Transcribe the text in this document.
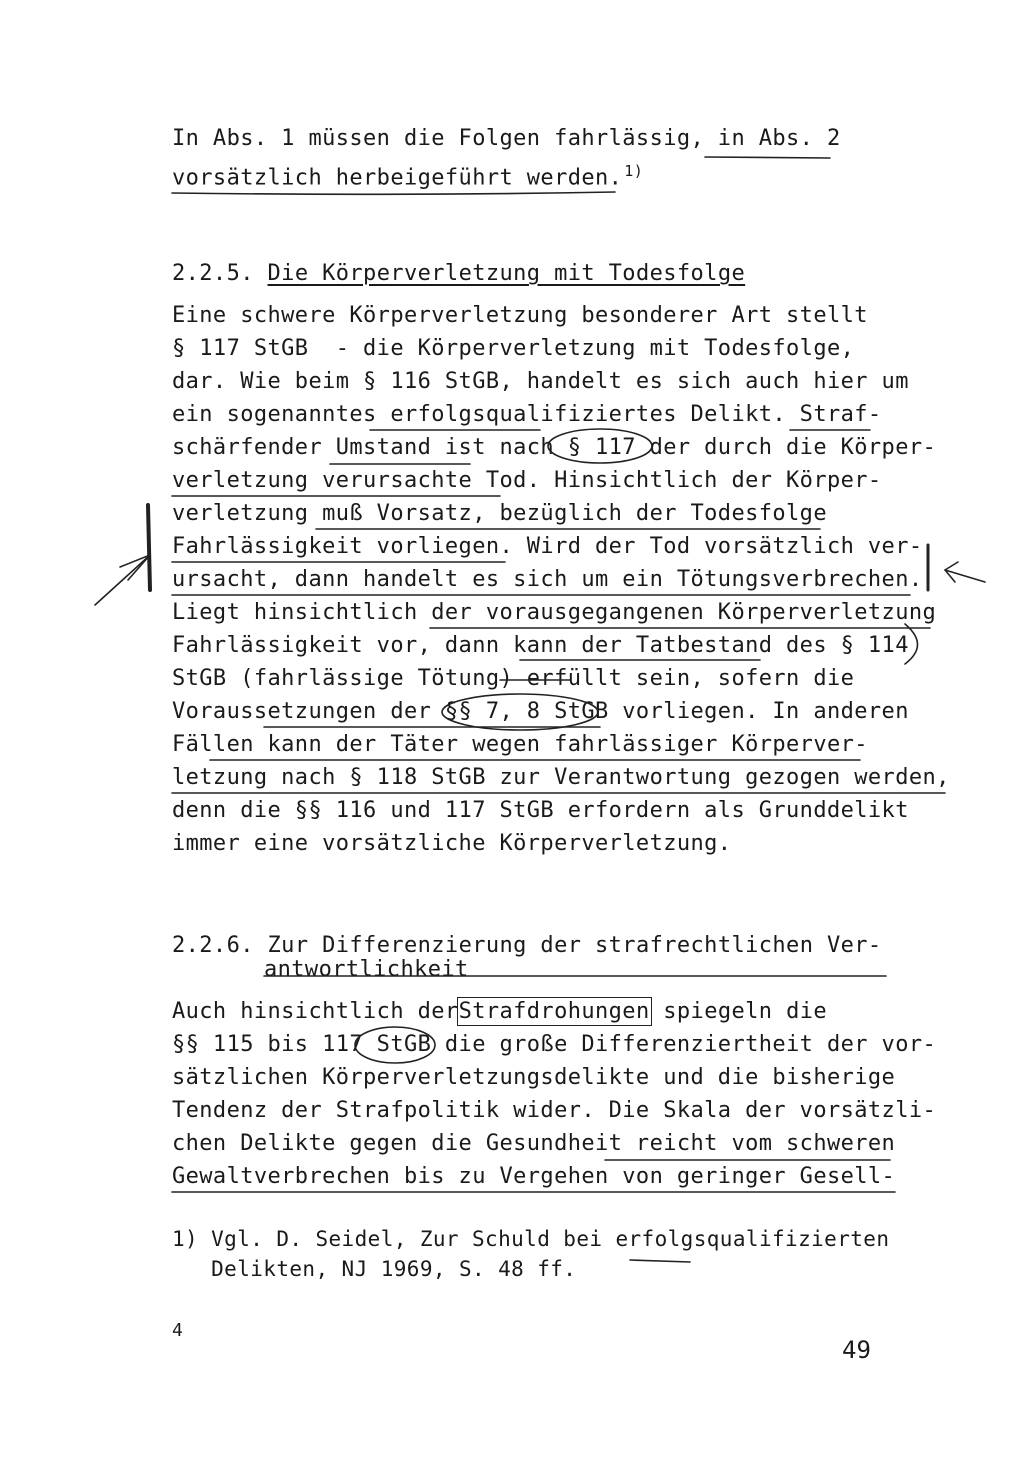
In Abs. 1 müssen die Folgen fahrlässig, in Abs. 2
vorsätzlich herbeigeführt werden. $^{1)}$
2.2.5. Die Körperverletzung mit Todesfolge
Eine schwere Körperverletzung besonderer Art stellt
§ 117 StGB  - die Körperverletzung mit Todesfolge,
dar. Wie beim § 116 StGB, handelt es sich auch hier um
ein sogenanntes erfolgsqualifiziertes Delikt. Straf-
schärfender Umstand ist nach § 117 der durch die Körper-
verletzung verursachte Tod. Hinsichtlich der Körper-
verletzung muß Vorsatz, bezüglich der Todesfolge
Fahrlässigkeit vorliegen. Wird der Tod vorsätzlich ver-
ursacht, dann handelt es sich um ein Tötungsverbrechen.
Liegt hinsichtlich der vorausgegangenen Körperverletzung
Fahrlässigkeit vor, dann kann der Tatbestand des § 114
StGB (fahrlässige Tötung) erfüllt sein, sofern die
Voraussetzungen der §§ 7, 8 StGB vorliegen. In anderen
Fällen kann der Täter wegen fahrlässiger Körperver-
letzung nach § 118 StGB zur Verantwortung gezogen werden,
denn die §§ 116 und 117 StGB erfordern als Grunddelikt
immer eine vorsätzliche Körperverletzung.
2.2.6. Zur Differenzierung der strafrechtlichen Ver-
antwortlichkeit
Auch hinsichtlich derStrafdrohungen spiegeln die
§§ 115 bis 117 StGB die große Differenziertheit der vor-
sätzlichen Körperverletzungsdelikte und die bisherige
Tendenz der Strafpolitik wider. Die Skala der vorsätzli-
chen Delikte gegen die Gesundheit reicht vom schweren
Gewaltverbrechen bis zu Vergehen von geringer Gesell-
1) Vgl. D. Seidel, Zur Schuld bei erfolgsqualifizierten
Delikten, NJ 1969, S. 48 ff.
4
49
